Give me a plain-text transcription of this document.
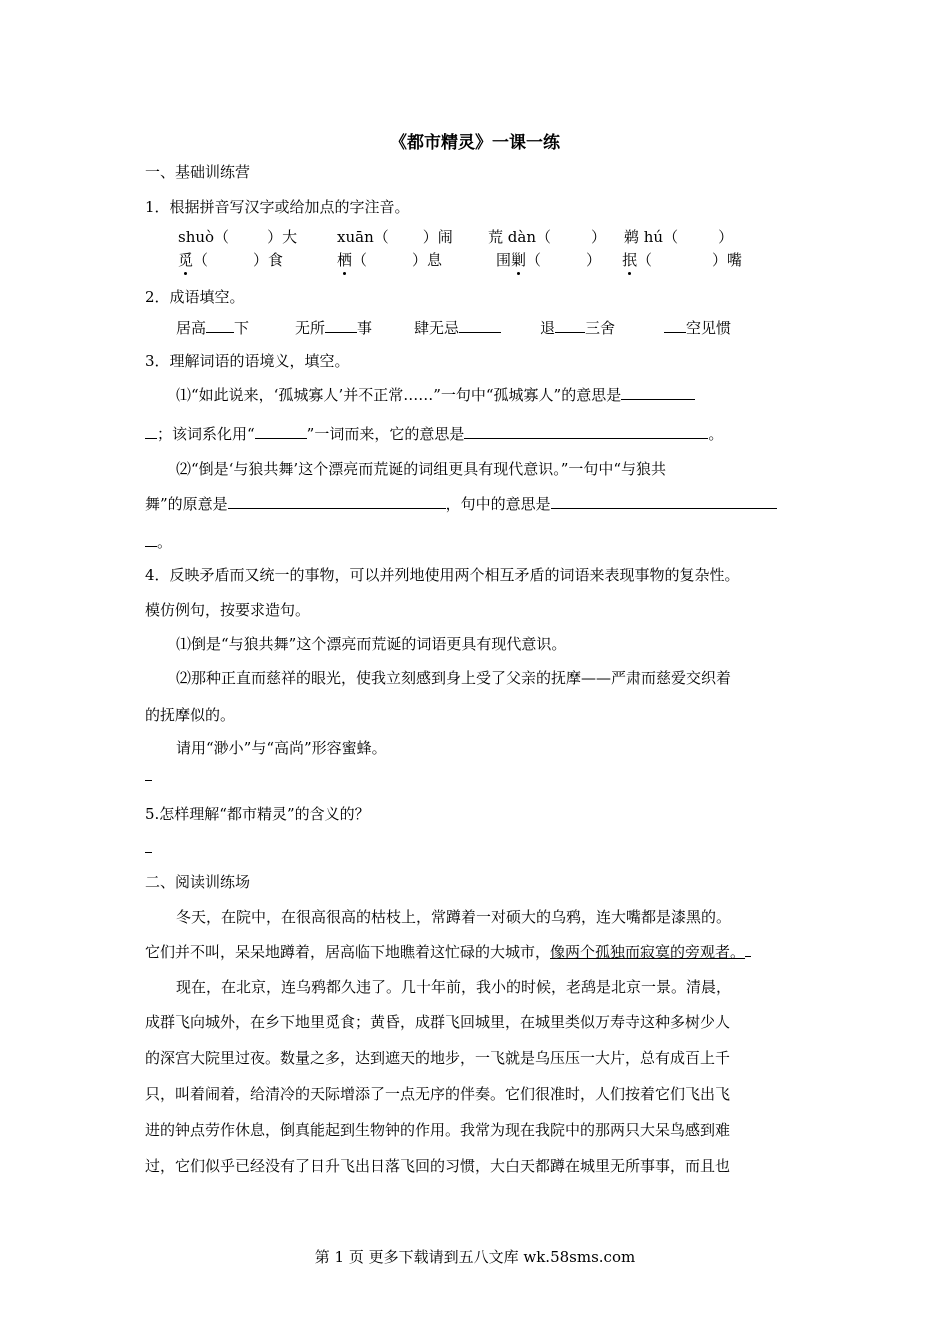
《都市精灵》一课一练
一、基础训练营
1．根据拼音写汉字或给加点的字注音。
shuò（	）大	xuān（ ）闹 荒 dàn（	） 鹈 hú（	）
觅（　　　）食	栖（　　　）息	围剿（　　　） 抿（　　　　）嘴
2．成语填空。
居高 下	无所 事	肆无忌	退 三舍	空见惯
3．理解词语的语境义，填空。
⑴“如此说来，‘孤城寡人’并不正常……”一句中“孤城寡人”的意思是
；该词系化用“	”一词而来，它的意思是	。
⑵“倒是‘与狼共舞’这个漂亮而荒诞的词组更具有现代意识。”一句中“与狼共
舞”的原意是	，句中的意思是
。
4．反映矛盾而又统一的事物，可以并列地使用两个相互矛盾的词语来表现事物的复杂性。
模仿例句，按要求造句。
⑴倒是“与狼共舞”这个漂亮而荒诞的词语更具有现代意识。
⑵那种正直而慈祥的眼光，使我立刻感到身上受了父亲的抚摩——严肃而慈爱交织着
的抚摩似的。
请用“渺小”与“高尚”形容蜜蜂。
5.怎样理解“都市精灵”的含义的？
二、阅读训练场
冬天，在院中，在很高很高的枯枝上，常蹲着一对硕大的乌鸦，连大嘴都是漆黑的。
它们并不叫，呆呆地蹲着，居高临下地瞧着这忙碌的大城市，像两个孤独而寂寞的旁观者。
现在，在北京，连乌鸦都久违了。几十年前，我小的时候，老鸹是北京一景。清晨，
成群飞向城外，在乡下地里觅食；黄昏，成群飞回城里，在城里类似万寿寺这种多树少人
的深宫大院里过夜。数量之多，达到遮天的地步，一飞就是乌压压一大片，总有成百上千
只，叫着闹着，给清冷的天际增添了一点无序的伴奏。它们很准时，人们按着它们飞出飞
进的钟点劳作休息，倒真能起到生物钟的作用。我常为现在我院中的那两只大呆鸟感到难
过，它们似乎已经没有了日升飞出日落飞回的习惯，大白天都蹲在城里无所事事，而且也
第 1 页 更多下载请到五八文库 wk.58sms.com
